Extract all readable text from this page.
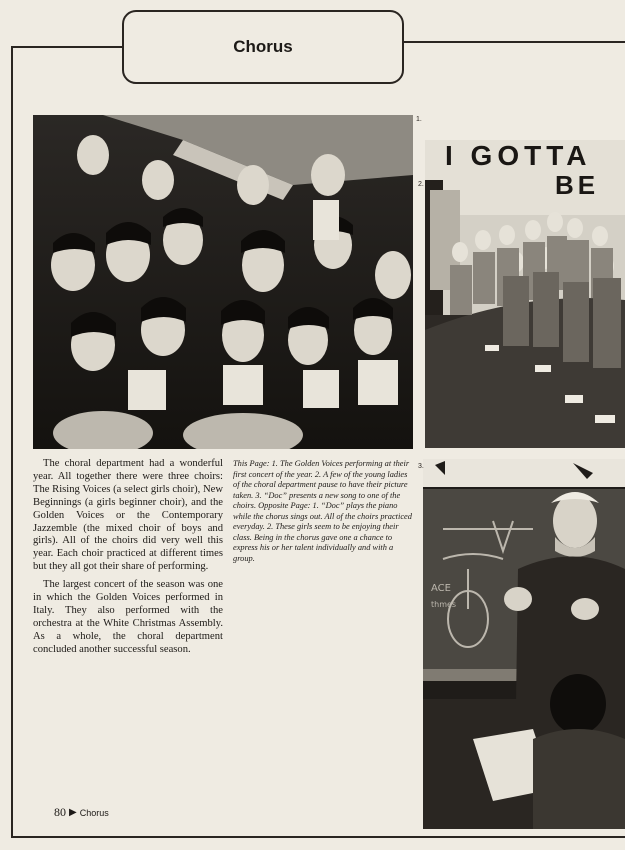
Chorus
1.
I GOTTA
BE
2.
ACE
thmes
3.

The choral department had a wonderful year. All together there were three choirs: The Rising Voices (a select girls choir), New Beginnings (a girls beginner choir), and the Golden Voices or the Contemporary Jazzemble (the mixed choir of boys and girls). All of the choirs did very well this year. Each choir practiced at different times but they all got their share of performing.

The largest concert of the season was one in which the Golden Voices performed in Italy. They also performed with the orchestra at the White Christmas Assembly. As a whole, the choral department concluded another successful season.

This Page: 1. The Golden Voices performing at their first concert of the year. 2. A few of the young ladies of the choral department pause to have their picture taken. 3. “Doc” presents a new song to one of the choirs. Opposite Page: 1. “Doc” plays the piano while the chorus sings out. All of the choirs practiced everyday. 2. These girls seem to be enjoying their class. Being in the chorus gave one a chance to express his or her talent individually and with a group.
80 ▶ Chorus
